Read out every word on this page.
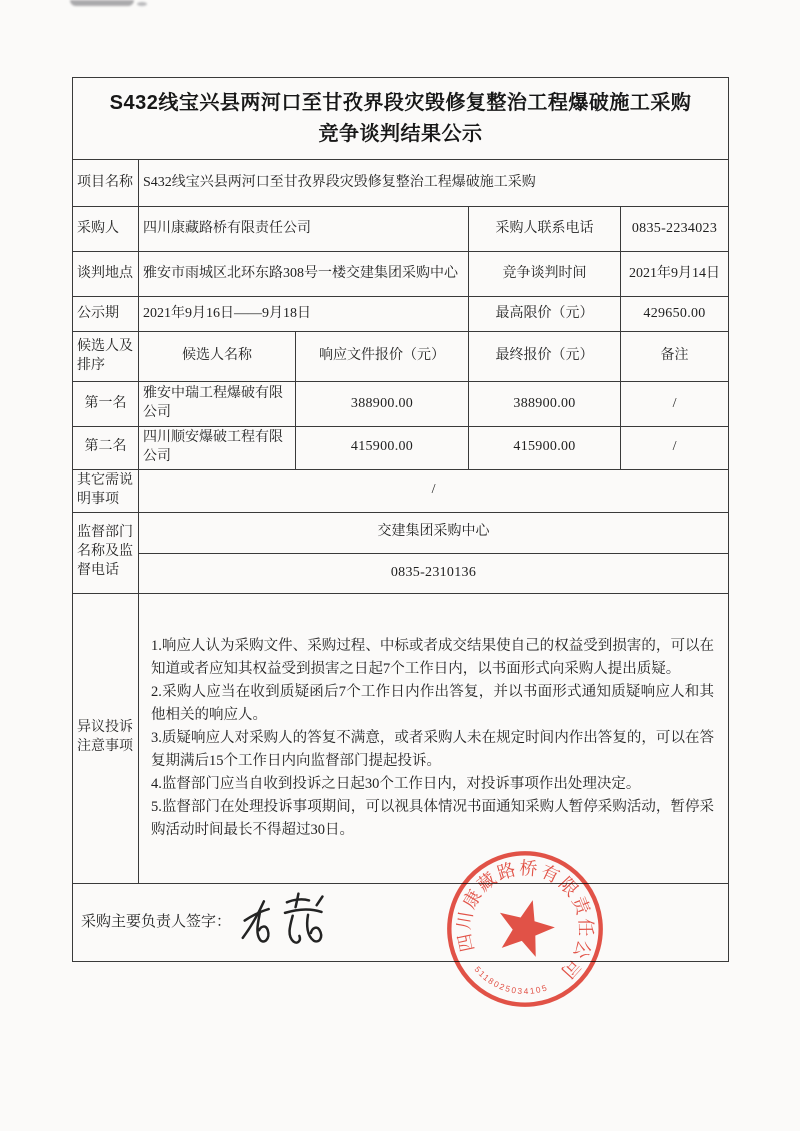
S432线宝兴县两河口至甘孜界段灾毁修复整治工程爆破施工采购
竞争谈判结果公示				

项目名称	S432线宝兴县两河口至甘孜界段灾毁修复整治工程爆破施工采购			
采购人	四川康藏路桥有限责任公司		采购人联系电话	0835-2234023
谈判地点	雅安市雨城区北环东路308号一楼交建集团采购中心		竞争谈判时间	2021年9月14日
公示期	2021年9月16日——9月18日		最高限价（元）	429650.00
候选人及排序	候选人名称	响应文件报价（元）	最终报价（元）	备注
第一名	雅安中瑞工程爆破有限公司	388900.00	388900.00	/
第二名	四川顺安爆破工程有限公司	415900.00	415900.00	/
其它需说明事项	/			
监督部门名称及监督电话	交建集团采购中心			
	0835-2310136			
异议投诉注意事项	1.响应人认为采购文件、采购过程、中标或者成交结果使自己的权益受到损害的，可以在知道或者应知其权益受到损害之日起7个工作日内，以书面形式向采购人提出质疑。
2.采购人应当在收到质疑函后7个工作日内作出答复，并以书面形式通知质疑响应人和其他相关的响应人。
3.质疑响应人对采购人的答复不满意，或者采购人未在规定时间内作出答复的，可以在答复期满后15个工作日内向监督部门提起投诉。
4.监督部门应当自收到投诉之日起30个工作日内，对投诉事项作出处理决定。
5.监督部门在处理投诉事项期间，可以视具体情况书面通知采购人暂停采购活动，暂停采购活动时间最长不得超过30日。			

采购主要负责人签字：				
四川康藏路桥有限责任公司
5118025034105
